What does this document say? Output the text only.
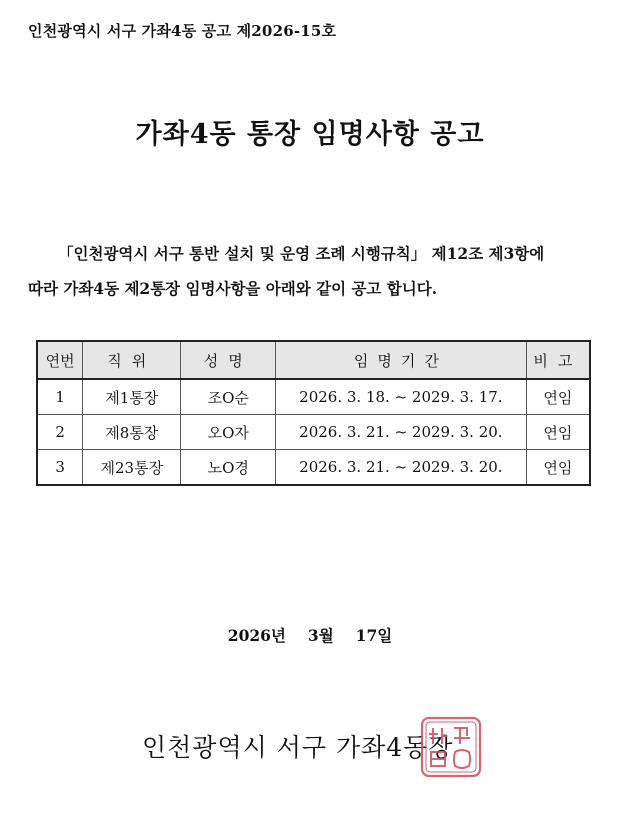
인천광역시 서구 가좌4동 공고 제2026-15호
가좌4동 통장 임명사항 공고
「인천광역시 서구 통반 설치 및 운영 조례 시행규칙」 제12조 제3항에
따라 가좌4동 제2통장 임명사항을 아래와 같이 공고 합니다.
연번	직위	성명	임명기간	비고
1	제1통장	조O순	2026. 3. 18. ~ 2029. 3. 17.	연임
2	제8통장	오O자	2026. 3. 21. ~ 2029. 3. 20.	연임
3	제23통장	노O경	2026. 3. 21. ~ 2029. 3. 20.	연임
2026년 3월 17일
인천광역시 서구 가좌4동장
